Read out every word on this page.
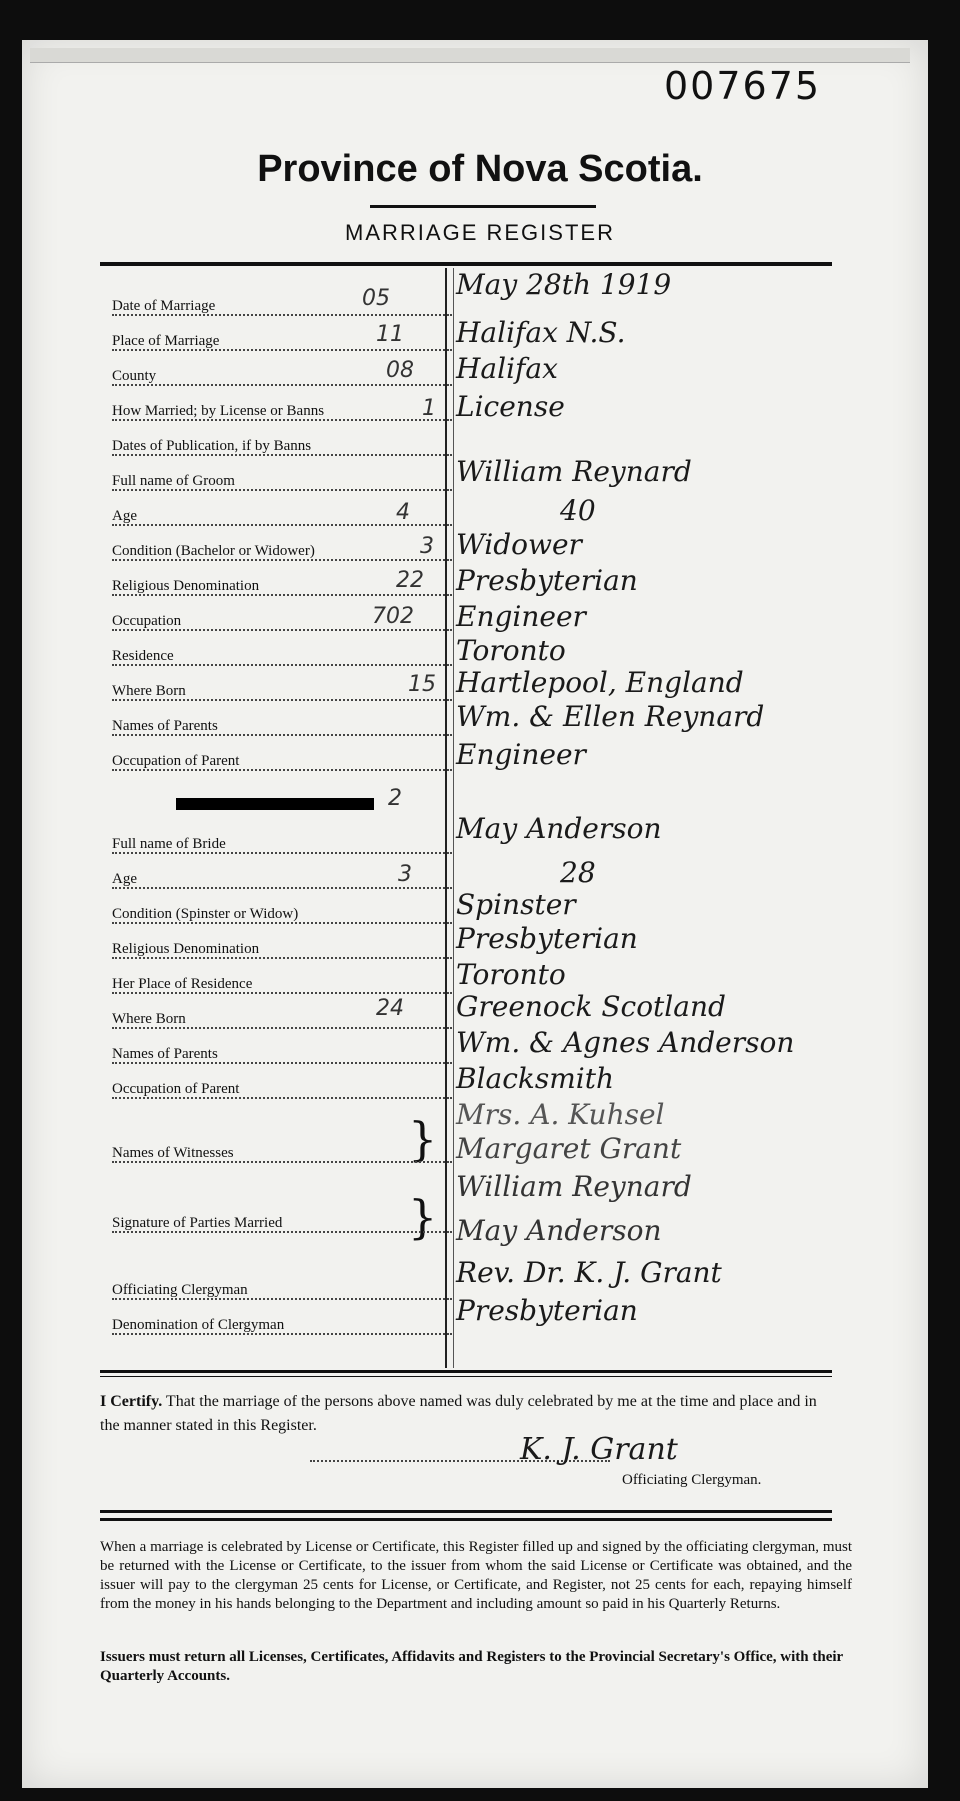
007675
Province of Nova Scotia.
MARRIAGE REGISTER
Date of Marriage
Place of Marriage
County
How Married; by License or Banns
Dates of Publication, if by Banns
Full name of Groom
Age
Condition (Bachelor or Widower)
Religious Denomination
Occupation
Residence
Where Born
Names of Parents
Occupation of Parent
05
11
08
1
4
3
22
702
15
May 28th 1919
Halifax N.S.
Halifax
License
William Reynard
40
Widower
Presbyterian
Engineer
Toronto
Hartlepool, England
Wm. & Ellen Reynard
Engineer
2
Full name of Bride
Age
Condition (Spinster or Widow)
Religious Denomination
Her Place of Residence
Where Born
Names of Parents
Occupation of Parent
3
24
May Anderson
28
Spinster
Presbyterian
Toronto
Greenock Scotland
Wm. & Agnes Anderson
Blacksmith
Names of Witnesses	} Mrs. A. Kuhsel
Margaret Grant
Signature of Parties Married	}
William Reynard
May Anderson
Officiating Clergyman
Denomination of Clergyman
Rev. Dr. K. J. Grant
Presbyterian
I Certify. That the marriage of the persons above named was duly celebrated by me at the time and place and in the manner stated in this Register.
K. J. Grant
Officiating Clergyman.
When a marriage is celebrated by License or Certificate, this Register filled up and signed by the officiating clergyman, must be returned with the License or Certificate, to the issuer from whom the said License or Certificate was obtained, and the issuer will pay to the clergyman 25 cents for License, or Certificate, and Register, not 25 cents for each, repaying himself from the money in his hands belonging to the Department and including amount so paid in his Quarterly Returns.
Issuers must return all Licenses, Certificates, Affidavits and Registers to the Provincial Secretary's Office, with their Quarterly Accounts.
